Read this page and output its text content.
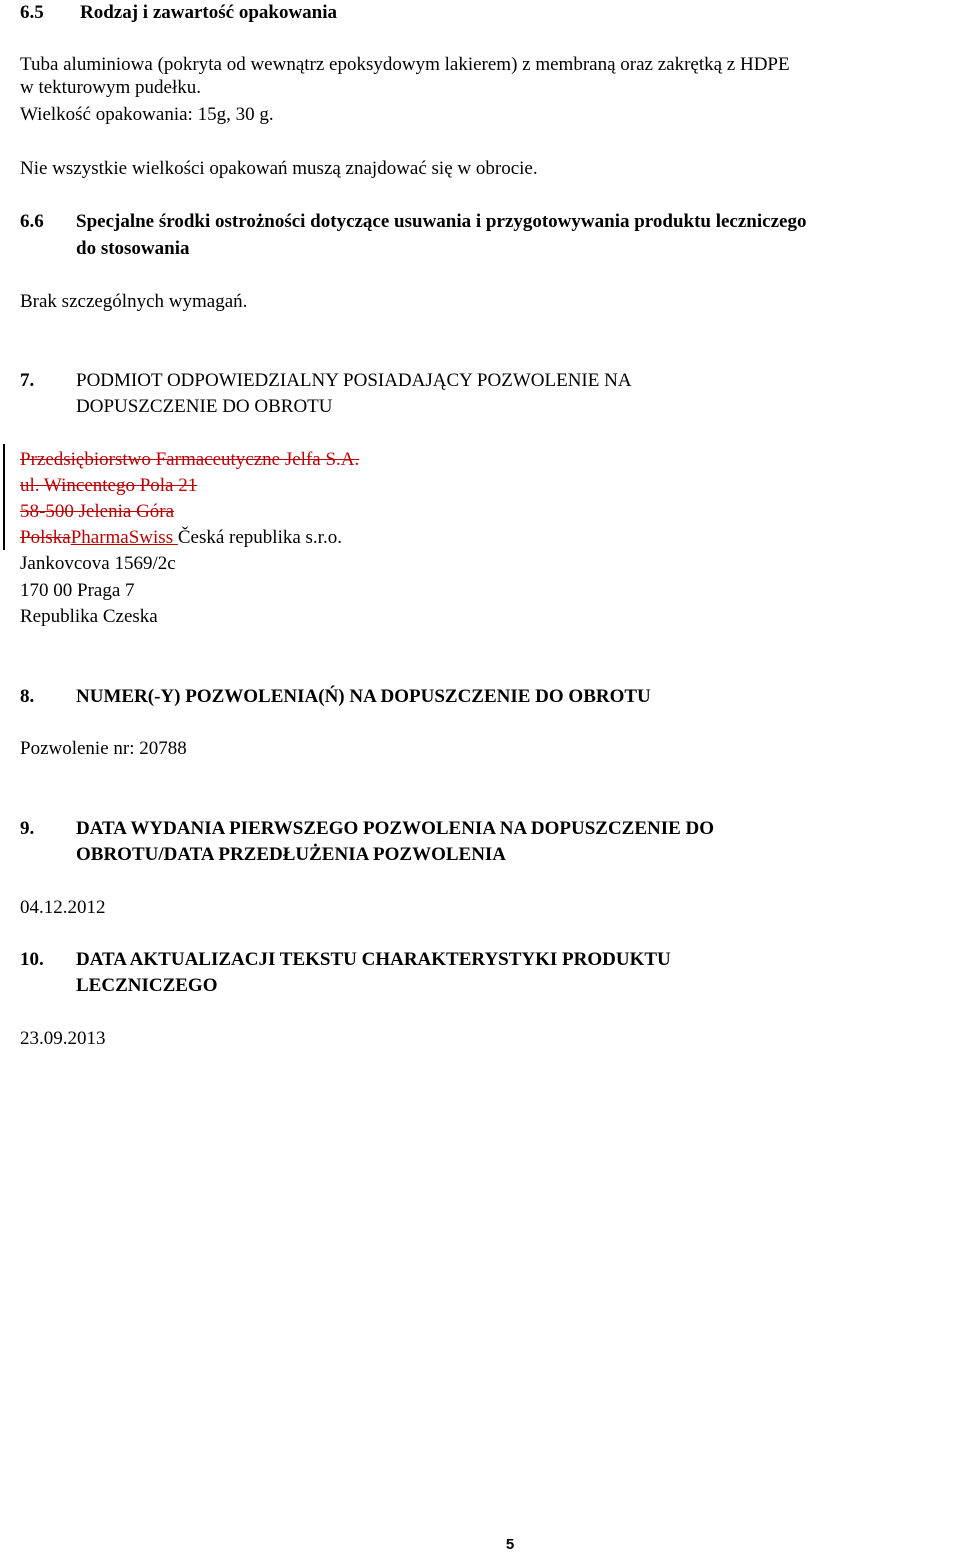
6.5 Rodzaj i zawartość opakowania
Tuba aluminiowa (pokryta od wewnątrz epoksydowym lakierem) z membraną oraz zakrętką z HDPE
w tekturowym pudełku.
Wielkość opakowania: 15g, 30 g.
Nie wszystkie wielkości opakowań muszą znajdować się w obrocie.
6.6 Specjalne środki ostrożności dotyczące usuwania i przygotowywania produktu leczniczego
do stosowania
Brak szczególnych wymagań.
7. PODMIOT ODPOWIEDZIALNY POSIADAJĄCY POZWOLENIE NA
DOPUSZCZENIE DO OBROTU
Przedsiębiorstwo Farmaceutyczne Jelfa S.A.
ul. Wincentego Pola 21
58-500 Jelenia Góra
PolskaPharmaSwiss Česká republika s.r.o.
Jankovcova 1569/2c
170 00 Praga 7
Republika Czeska
8. NUMER(-Y) POZWOLENIA(Ń) NA DOPUSZCZENIE DO OBROTU
Pozwolenie nr: 20788
9. DATA WYDANIA PIERWSZEGO POZWOLENIA NA DOPUSZCZENIE DO
OBROTU/DATA PRZEDŁUŻENIA POZWOLENIA
04.12.2012
10. DATA AKTUALIZACJI TEKSTU CHARAKTERYSTYKI PRODUKTU
LECZNICZEGO
23.09.2013
5
